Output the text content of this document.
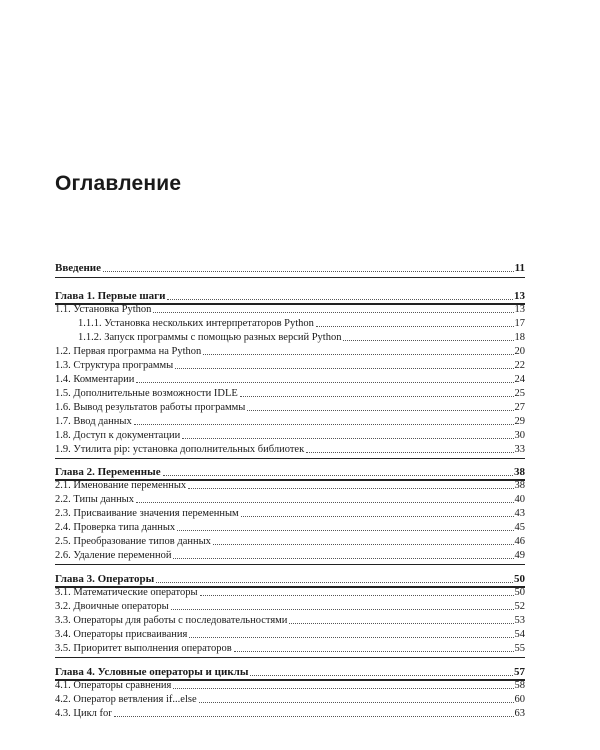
Оглавление
Введение	11
Глава 1. Первые шаги	13
1.1. Установка Python	13
1.1.1. Установка нескольких интерпретаторов Python	17
1.1.2. Запуск программы с помощью разных версий Python	18
1.2. Первая программа на Python	20
1.3. Структура программы	22
1.4. Комментарии	24
1.5. Дополнительные возможности IDLE	25
1.6. Вывод результатов работы программы	27
1.7. Ввод данных	29
1.8. Доступ к документации	30
1.9. Утилита pip: установка дополнительных библиотек	33
Глава 2. Переменные	38
2.1. Именование переменных	38
2.2. Типы данных	40
2.3. Присваивание значения переменным	43
2.4. Проверка типа данных	45
2.5. Преобразование типов данных	46
2.6. Удаление переменной	49
Глава 3. Операторы	50
3.1. Математические операторы	50
3.2. Двоичные операторы	52
3.3. Операторы для работы с последовательностями	53
3.4. Операторы присваивания	54
3.5. Приоритет выполнения операторов	55
Глава 4. Условные операторы и циклы	57
4.1. Операторы сравнения	58
4.2. Оператор ветвления if...else	60
4.3. Цикл for	63
